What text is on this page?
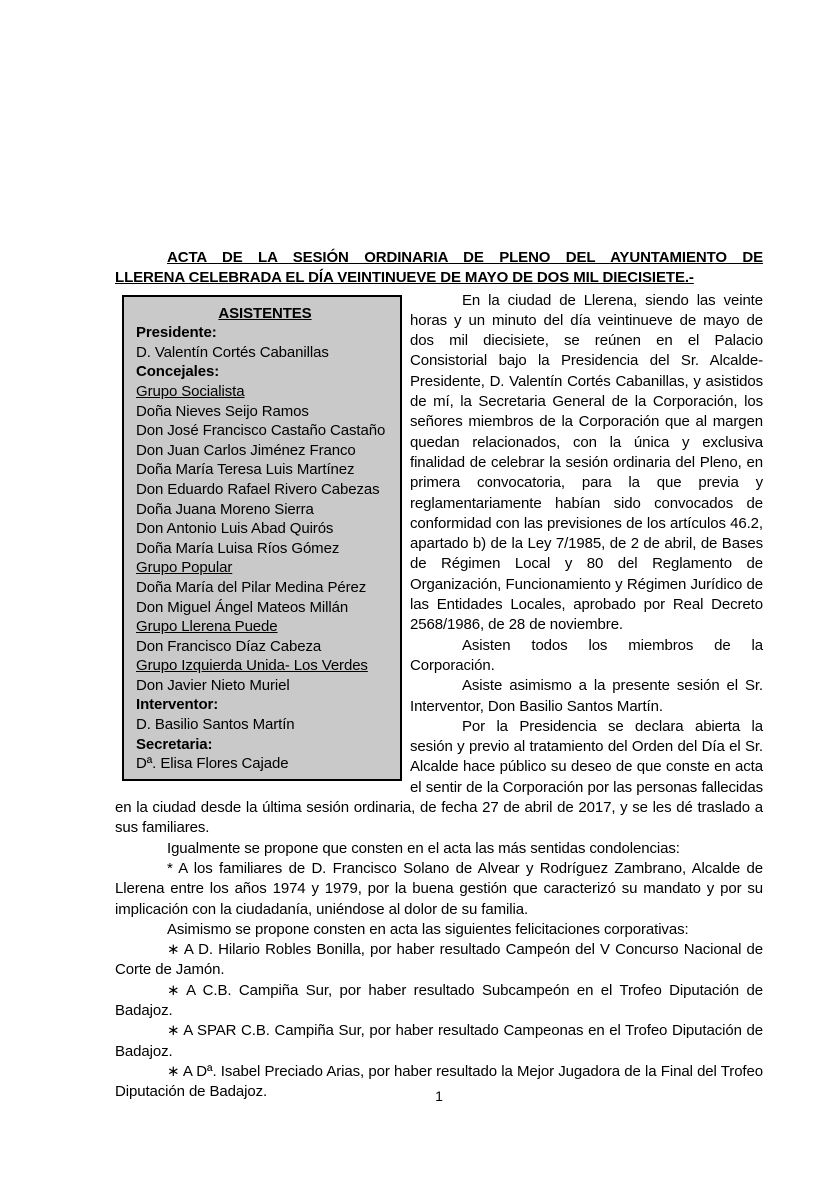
ACTA DE LA SESIÓN ORDINARIA DE PLENO DEL AYUNTAMIENTO DE
LLERENA CELEBRADA EL DÍA VEINTINUEVE DE MAYO DE DOS MIL DIECISIETE.-
ASISTENTES
Presidente:
D. Valentín Cortés Cabanillas
Concejales:
Grupo Socialista
Doña Nieves Seijo Ramos
Don José Francisco Castaño Castaño
Don Juan Carlos Jiménez Franco
Doña María Teresa Luis Martínez
Don Eduardo Rafael Rivero Cabezas
Doña Juana Moreno Sierra
Don Antonio Luis Abad Quirós
Doña María Luisa Ríos Gómez
Grupo Popular
Doña María del Pilar Medina Pérez
Don Miguel Ángel Mateos Millán
Grupo Llerena Puede
Don Francisco Díaz Cabeza
Grupo Izquierda Unida- Los Verdes
Don Javier Nieto Muriel
Interventor:
D. Basilio Santos Martín
Secretaria:
Dª. Elisa Flores Cajade

En la ciudad de Llerena, siendo las veinte horas y un minuto del día veintinueve de mayo de dos mil diecisiete, se reúnen en el Palacio Consistorial bajo la Presidencia del Sr. Alcalde-Presidente, D. Valentín Cortés Cabanillas, y asistidos de mí, la Secretaria General de la Corporación, los señores miembros de la Corporación que al margen quedan relacionados, con la única y exclusiva finalidad de celebrar la sesión ordinaria del Pleno, en primera convocatoria, para la que previa y reglamentariamente habían sido convocados de conformidad con las previsiones de los artículos 46.2, apartado b) de la Ley 7/1985, de 2 de abril, de Bases de Régimen Local y 80 del Reglamento de Organización, Funcionamiento y Régimen Jurídico de las Entidades Locales, aprobado por Real Decreto 2568/1986, de 28 de noviembre.

Asisten todos los miembros de la Corporación.

Asiste asimismo a la presente sesión el Sr. Interventor, Don Basilio Santos Martín.

Por la Presidencia se declara abierta la sesión y previo al tratamiento del Orden del Día el Sr. Alcalde hace público su deseo de que conste en acta el sentir de la Corporación por las personas fallecidas en la ciudad desde la última sesión ordinaria, de fecha 27 de abril de 2017, y se les dé traslado a sus familiares.

Igualmente se propone que consten en el acta las más sentidas condolencias:

* A los familiares de D. Francisco Solano de Alvear y Rodríguez Zambrano, Alcalde de Llerena entre los años 1974 y 1979, por la buena gestión que caracterizó su mandato y por su implicación con la ciudadanía, uniéndose al dolor de su familia.

Asimismo se propone consten en acta las siguientes felicitaciones corporativas:

∗ A D. Hilario Robles Bonilla, por haber resultado Campeón del V Concurso Nacional de Corte de Jamón.

∗ A C.B. Campiña Sur, por haber resultado Subcampeón en el Trofeo Diputación de Badajoz.

∗ A SPAR C.B. Campiña Sur, por haber resultado Campeonas en el Trofeo Diputación de Badajoz.

∗ A Dª. Isabel Preciado Arias, por haber resultado la Mejor Jugadora de la Final del Trofeo Diputación de Badajoz.	1
